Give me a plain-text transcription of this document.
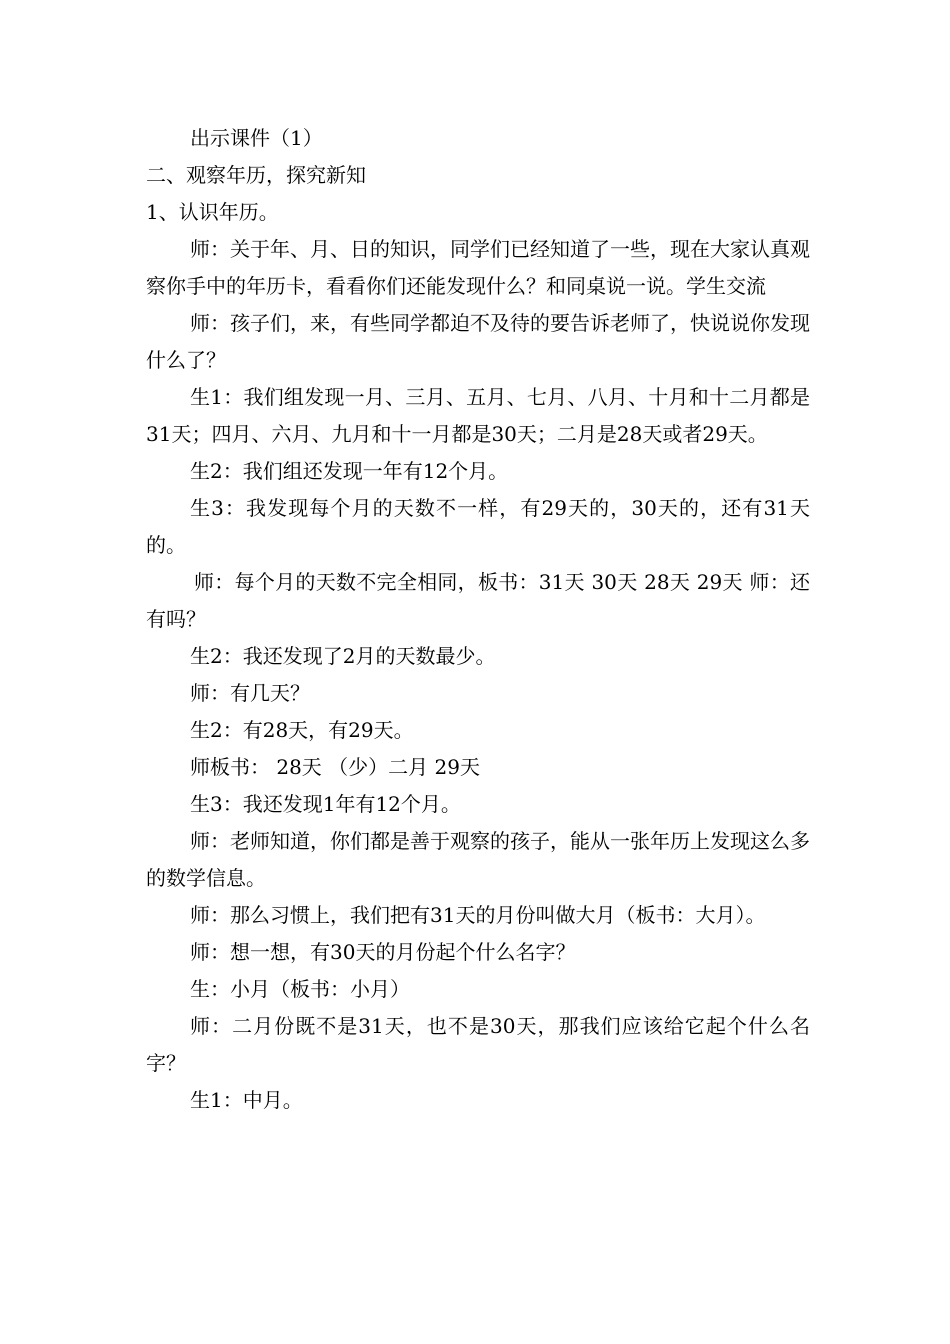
出示课件（1）

二、观察年历，探究新知

1、认识年历。

师：关于年、月、日的知识，同学们已经知道了一些，现在大家认真观察你手中的年历卡，看看你们还能发现什么？和同桌说一说。学生交流

师：孩子们，来，有些同学都迫不及待的要告诉老师了，快说说你发现什么了？

生1：我们组发现一月、三月、五月、七月、八月、十月和十二月都是31天；四月、六月、九月和十一月都是30天；二月是28天或者29天。

生2：我们组还发现一年有12个月。

生3：我发现每个月的天数不一样，有29天的，30天的，还有31天的。

师：每个月的天数不完全相同，板书：31天 30天 28天 29天 师：还有吗？

生2：我还发现了2月的天数最少。

师：有几天？

生2：有28天，有29天。

师板书： 28天 （少）二月 29天

生3：我还发现1年有12个月。

师：老师知道，你们都是善于观察的孩子，能从一张年历上发现这么多的数学信息。

师：那么习惯上，我们把有31天的月份叫做大月（板书：大月）。

师：想一想，有30天的月份起个什么名字？

生：小月（板书：小月）

师：二月份既不是31天，也不是30天，那我们应该给它起个什么名字？

生1：中月。
